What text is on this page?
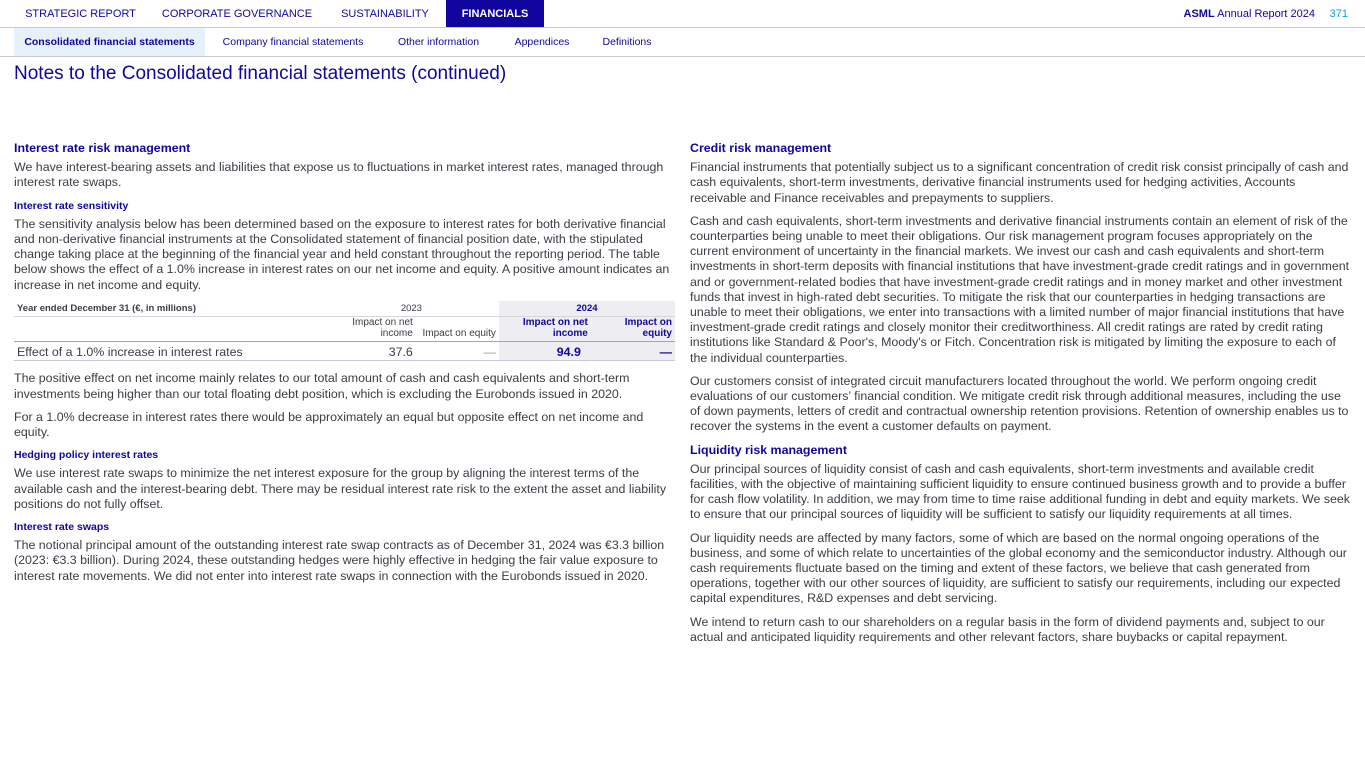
STRATEGIC REPORT	CORPORATE GOVERNANCE	SUSTAINABILITY	FINANCIALS	ASML Annual Report 2024 371
Consolidated financial statements	Company financial statements	Other information	Appendices	Definitions
Notes to the Consolidated financial statements (continued)
Interest rate risk management

We have interest-bearing assets and liabilities that expose us to fluctuations in market interest rates, managed through interest rate swaps.

Interest rate sensitivity

The sensitivity analysis below has been determined based on the exposure to interest rates for both derivative financial and non-derivative financial instruments at the Consolidated statement of financial position date, with the stipulated change taking place at the beginning of the financial year and held constant throughout the reporting period. The table below shows the effect of a 1.0% increase in interest rates on our net income and equity. A positive amount indicates an increase in net income and equity.

Year ended December 31 (€, in millions)	2023		2024	
	Impact on net income	Impact on equity	Impact on net income	Impact on equity
Effect of a 1.0% increase in interest rates	37.6	—	94.9	—

The positive effect on net income mainly relates to our total amount of cash and cash equivalents and short-term investments being higher than our total floating debt position, which is excluding the Eurobonds issued in 2020.

For a 1.0% decrease in interest rates there would be approximately an equal but opposite effect on net income and equity.

Hedging policy interest rates

We use interest rate swaps to minimize the net interest exposure for the group by aligning the interest terms of the available cash and the interest-bearing debt. There may be residual interest rate risk to the extent the asset and liability positions do not fully offset.

Interest rate swaps

The notional principal amount of the outstanding interest rate swap contracts as of December 31, 2024 was €3.3 billion (2023: €3.3 billion). During 2024, these outstanding hedges were highly effective in hedging the fair value exposure to interest rate movements. We did not enter into interest rate swaps in connection with the Eurobonds issued in 2020.

Credit risk management

Financial instruments that potentially subject us to a significant concentration of credit risk consist principally of cash and cash equivalents, short-term investments, derivative financial instruments used for hedging activities, Accounts receivable and Finance receivables and prepayments to suppliers.

Cash and cash equivalents, short-term investments and derivative financial instruments contain an element of risk of the counterparties being unable to meet their obligations. Our risk management program focuses appropriately on the current environment of uncertainty in the financial markets. We invest our cash and cash equivalents and short-term investments in short-term deposits with financial institutions that have investment-grade credit ratings and in government and or government-related bodies that have investment-grade credit ratings and in money market and other investment funds that invest in high-rated debt securities. To mitigate the risk that our counterparties in hedging transactions are unable to meet their obligations, we enter into transactions with a limited number of major financial institutions that have investment-grade credit ratings and closely monitor their creditworthiness. All credit ratings are rated by credit rating institutions like Standard & Poor's, Moody's or Fitch. Concentration risk is mitigated by limiting the exposure to each of the individual counterparties.

Our customers consist of integrated circuit manufacturers located throughout the world. We perform ongoing credit evaluations of our customers’ financial condition. We mitigate credit risk through additional measures, including the use of down payments, letters of credit and contractual ownership retention provisions. Retention of ownership enables us to recover the systems in the event a customer defaults on payment.

Liquidity risk management

Our principal sources of liquidity consist of cash and cash equivalents, short-term investments and available credit facilities, with the objective of maintaining sufficient liquidity to ensure continued business growth and to provide a buffer for cash flow volatility. In addition, we may from time to time raise additional funding in debt and equity markets. We seek to ensure that our principal sources of liquidity will be sufficient to satisfy our liquidity requirements at all times.

Our liquidity needs are affected by many factors, some of which are based on the normal ongoing operations of the business, and some of which relate to uncertainties of the global economy and the semiconductor industry. Although our cash requirements fluctuate based on the timing and extent of these factors, we believe that cash generated from operations, together with our other sources of liquidity, are sufficient to satisfy our requirements, including our expected capital expenditures, R&D expenses and debt servicing.

We intend to return cash to our shareholders on a regular basis in the form of dividend payments and, subject to our actual and anticipated liquidity requirements and other relevant factors, share buybacks or capital repayment.
